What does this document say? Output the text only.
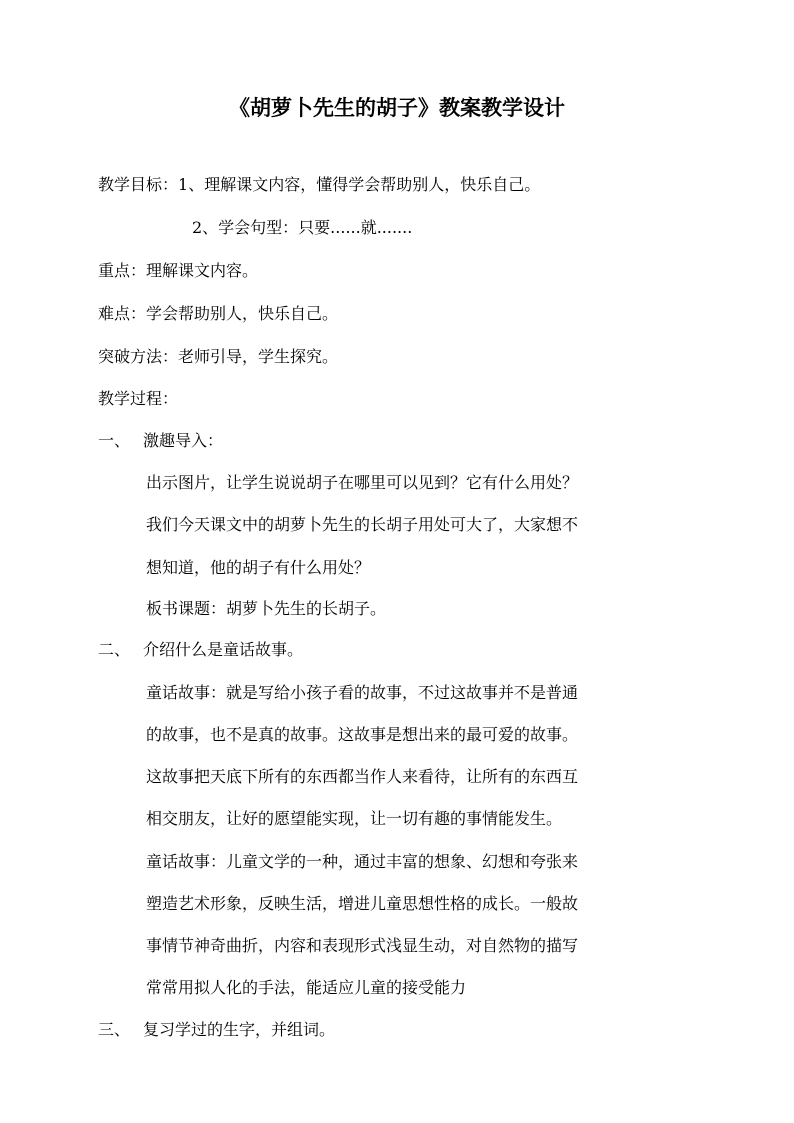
《胡萝卜先生的胡子》教案教学设计
教学目标：1、理解课文内容，懂得学会帮助别人，快乐自己。
2、学会句型：只要......就.......
重点：理解课文内容。
难点：学会帮助别人，快乐自己。
突破方法：老师引导，学生探究。
教学过程：
一、 激趣导入：
出示图片，让学生说说胡子在哪里可以见到？它有什么用处？
我们今天课文中的胡萝卜先生的长胡子用处可大了，大家想不
想知道，他的胡子有什么用处？
板书课题：胡萝卜先生的长胡子。
二、 介绍什么是童话故事。
童话故事：就是写给小孩子看的故事，不过这故事并不是普通
的故事，也不是真的故事。这故事是想出来的最可爱的故事。
这故事把天底下所有的东西都当作人来看待，让所有的东西互
相交朋友，让好的愿望能实现，让一切有趣的事情能发生。
童话故事：儿童文学的一种，通过丰富的想象、幻想和夸张来
塑造艺术形象，反映生活，增进儿童思想性格的成长。一般故
事情节神奇曲折，内容和表现形式浅显生动，对自然物的描写
常常用拟人化的手法，能适应儿童的接受能力
三、 复习学过的生字，并组词。
